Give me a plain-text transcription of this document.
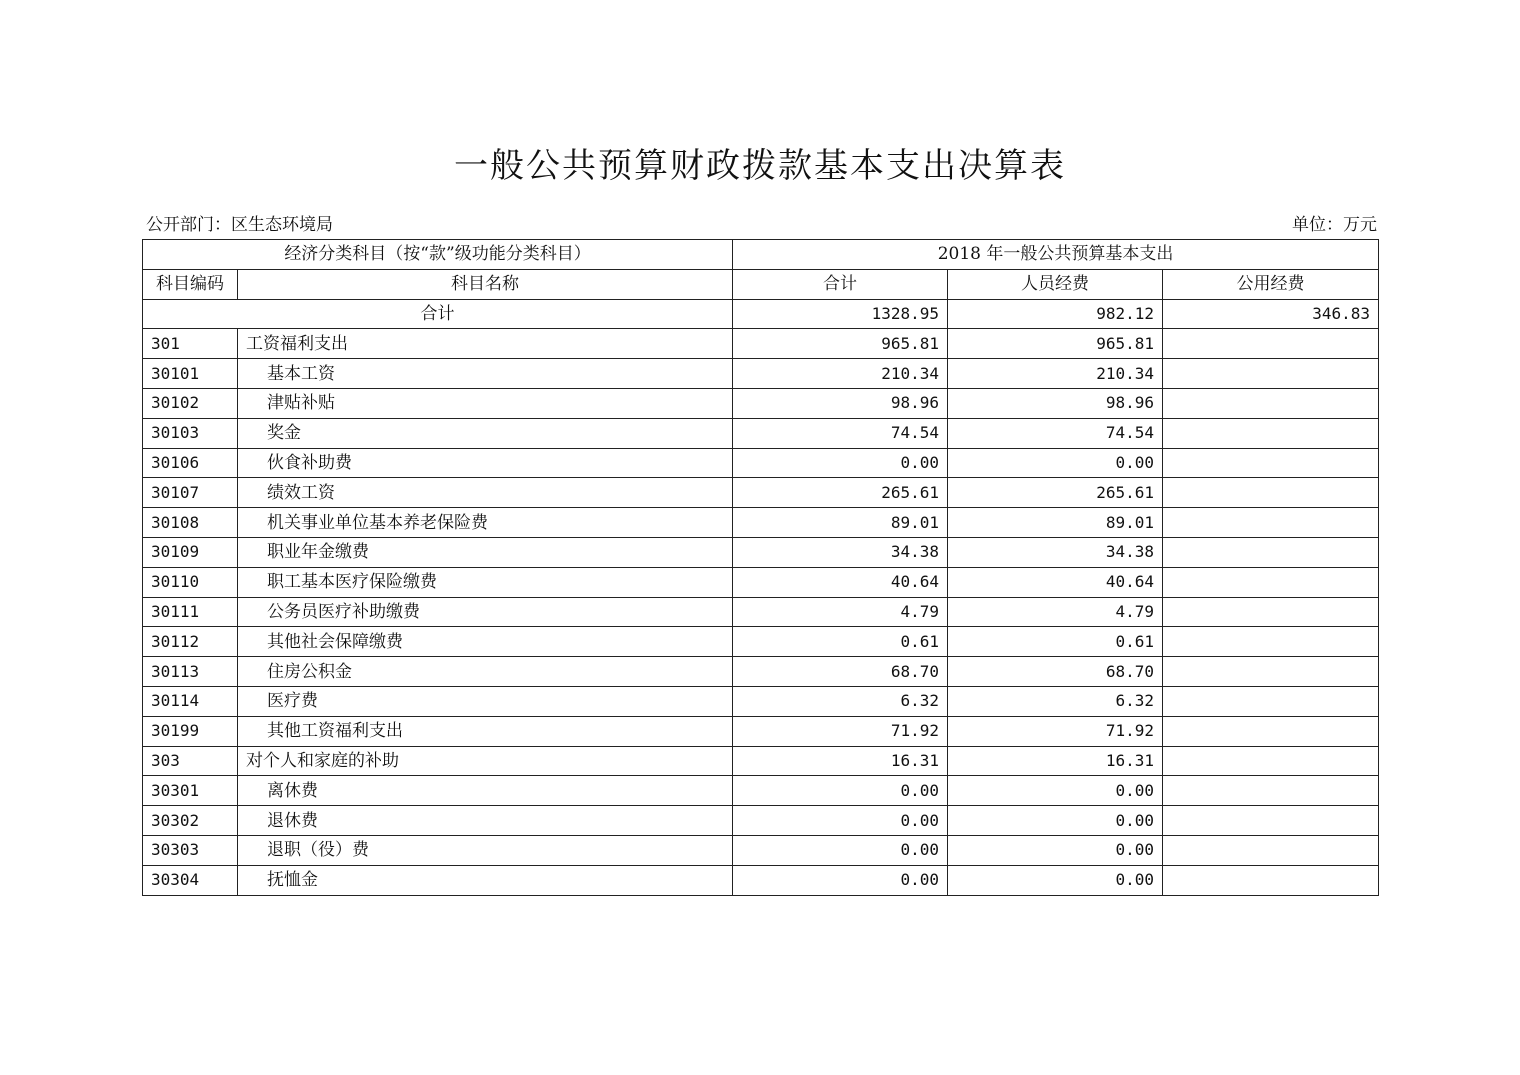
一般公共预算财政拨款基本支出决算表
公开部门：区生态环境局	单位：万元
经济分类科目（按“款”级功能分类科目）		2018 年一般公共预算基本支出		
科目编码	科目名称	合计	人员经费	公用经费
合计		1328.95	982.12	346.83
301	工资福利支出	965.81	965.81	
30101	基本工资	210.34	210.34	
30102	津贴补贴	98.96	98.96	
30103	奖金	74.54	74.54	
30106	伙食补助费	0.00	0.00	
30107	绩效工资	265.61	265.61	
30108	机关事业单位基本养老保险费	89.01	89.01	
30109	职业年金缴费	34.38	34.38	
30110	职工基本医疗保险缴费	40.64	40.64	
30111	公务员医疗补助缴费	4.79	4.79	
30112	其他社会保障缴费	0.61	0.61	
30113	住房公积金	68.70	68.70	
30114	医疗费	6.32	6.32	
30199	其他工资福利支出	71.92	71.92	
303	对个人和家庭的补助	16.31	16.31	
30301	离休费	0.00	0.00	
30302	退休费	0.00	0.00	
30303	退职（役）费	0.00	0.00	
30304	抚恤金	0.00	0.00	
